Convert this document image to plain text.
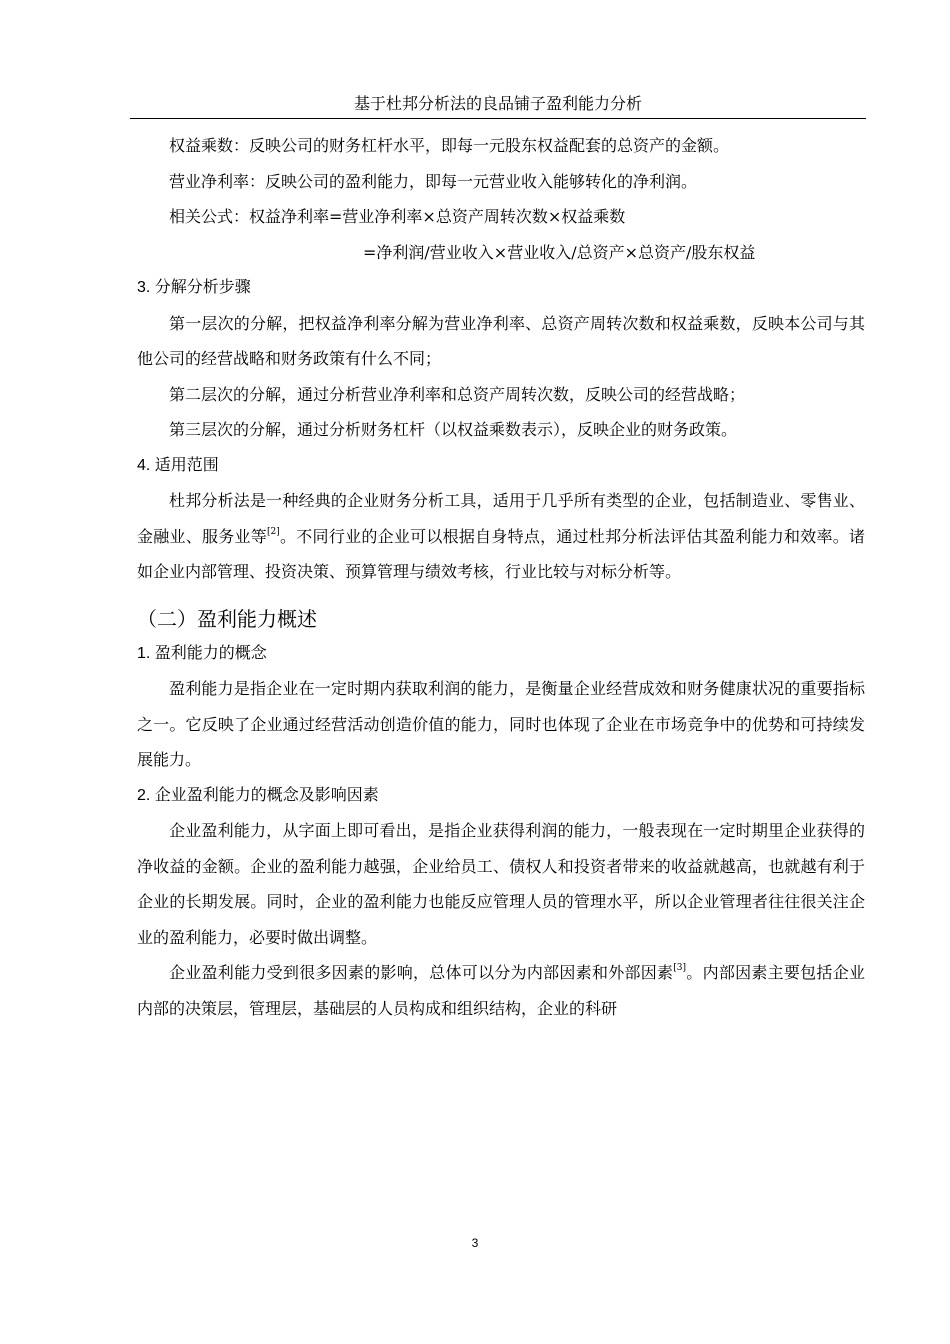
基于杜邦分析法的良品铺子盈利能力分析

权益乘数：反映公司的财务杠杆水平，即每一元股东权益配套的总资产的金额。

营业净利率：反映公司的盈利能力，即每一元营业收入能够转化的净利润。

相关公式：权益净利率=营业净利率×总资产周转次数×权益乘数

=净利润/营业收入×营业收入/总资产×总资产/股东权益

3. 分解分析步骤

第一层次的分解，把权益净利率分解为营业净利率、总资产周转次数和权益乘数，反映本公司与其他公司的经营战略和财务政策有什么不同；

第二层次的分解，通过分析营业净利率和总资产周转次数，反映公司的经营战略；

第三层次的分解，通过分析财务杠杆（以权益乘数表示），反映企业的财务政策。

4. 适用范围

杜邦分析法是一种经典的企业财务分析工具，适用于几乎所有类型的企业，包括制造业、零售业、金融业、服务业等[2]。不同行业的企业可以根据自身特点，通过杜邦分析法评估其盈利能力和效率。诸如企业内部管理、投资决策、预算管理与绩效考核，行业比较与对标分析等。

（二）盈利能力概述

1. 盈利能力的概念

盈利能力是指企业在一定时期内获取利润的能力，是衡量企业经营成效和财务健康状况的重要指标之一。它反映了企业通过经营活动创造价值的能力，同时也体现了企业在市场竞争中的优势和可持续发展能力。

2. 企业盈利能力的概念及影响因素

企业盈利能力，从字面上即可看出，是指企业获得利润的能力，一般表现在一定时期里企业获得的净收益的金额。企业的盈利能力越强，企业给员工、债权人和投资者带来的收益就越高，也就越有利于企业的长期发展。同时，企业的盈利能力也能反应管理人员的管理水平，所以企业管理者往往很关注企业的盈利能力，必要时做出调整。

企业盈利能力受到很多因素的影响，总体可以分为内部因素和外部因素[3]。内部因素主要包括企业内部的决策层，管理层，基础层的人员构成和组织结构，企业的科研

3
